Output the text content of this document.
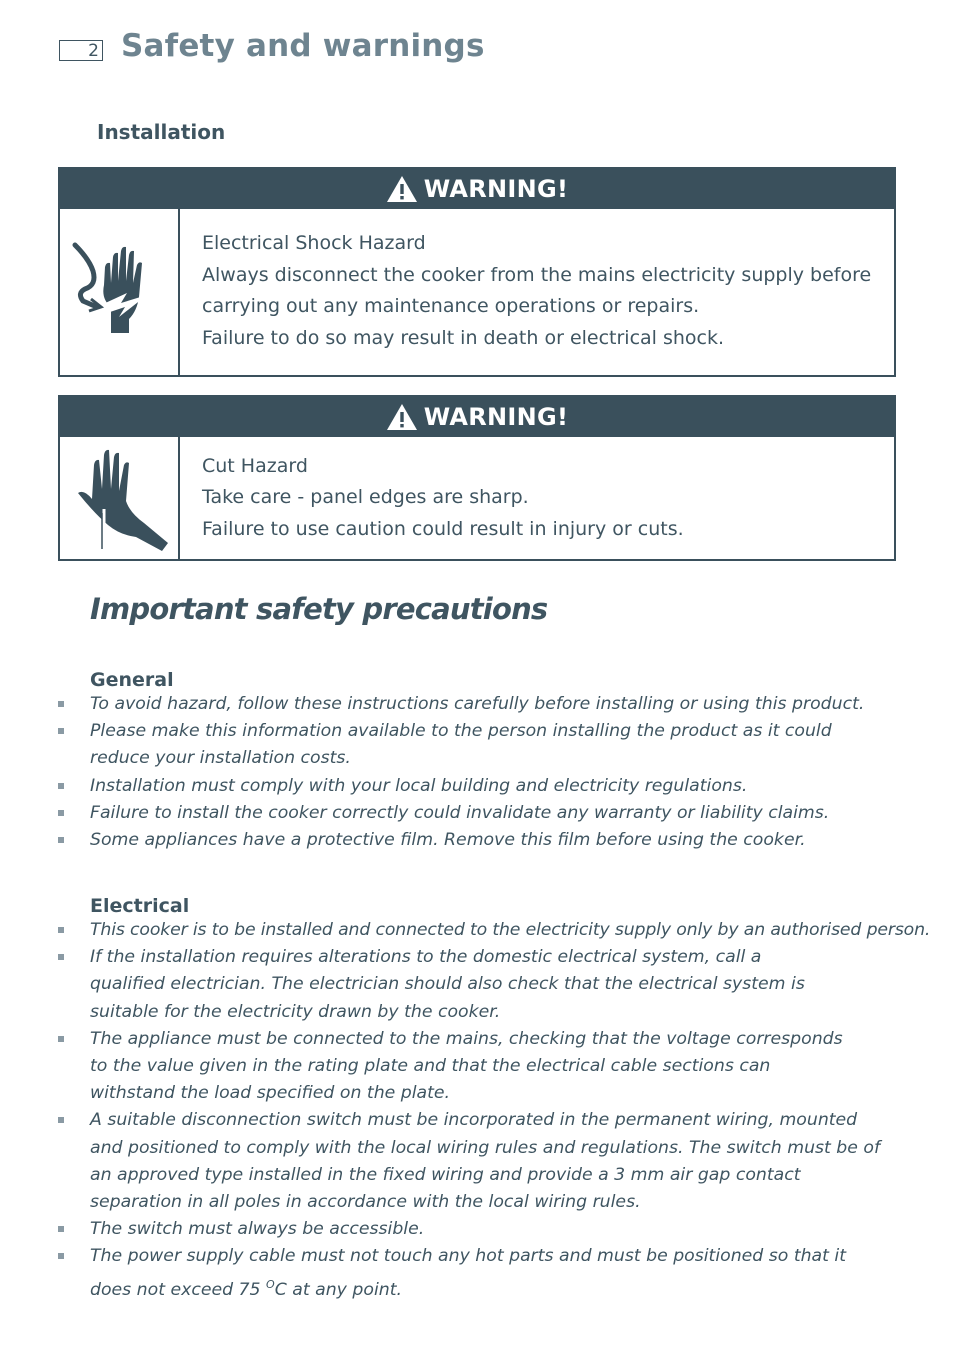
2 Safety and warnings
Installation
WARNING!
Electrical Shock Hazard
Always disconnect the cooker from the mains electricity supply before
carrying out any maintenance operations or repairs.
Failure to do so may result in death or electrical shock.
WARNING!
Cut Hazard
Take care - panel edges are sharp.
Failure to use caution could result in injury or cuts.
Important safety precautions
General
To avoid hazard, follow these instructions carefully before installing or using this product.
Please make this information available to the person installing the product as it could reduce your installation costs.
Installation must comply with your local building and electricity regulations.
Failure to install the cooker correctly could invalidate any warranty or liability claims.
Some appliances have a protective film. Remove this film before using the cooker.
Electrical
This cooker is to be installed and connected to the electricity supply only by an authorised person.
If the installation requires alterations to the domestic electrical system, call a qualified electrician. The electrician should also check that the electrical system is suitable for the electricity drawn by the cooker.
The appliance must be connected to the mains, checking that the voltage corresponds to the value given in the rating plate and that the electrical cable sections can withstand the load specified on the plate.
A suitable disconnection switch must be incorporated in the permanent wiring, mounted and positioned to comply with the local wiring rules and regulations. The switch must be of an approved type installed in the fixed wiring and provide a 3 mm air gap contact separation in all poles in accordance with the local wiring rules.
The switch must always be accessible.
The power supply cable must not touch any hot parts and must be positioned so that it does not exceed 75 $^O$C at any point.
